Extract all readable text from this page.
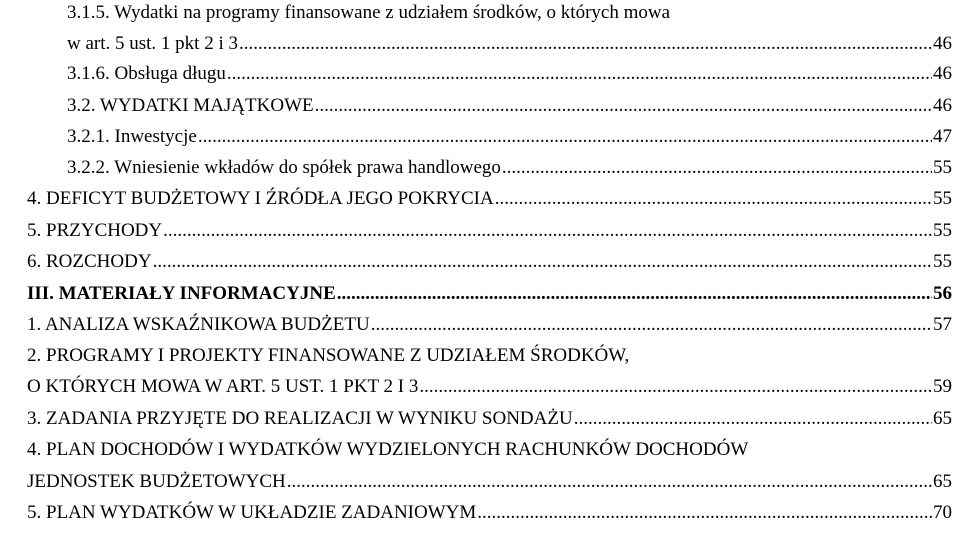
3.1.5. Wydatki na programy finansowane z udziałem środków, o których mowa
w art. 5 ust. 1 pkt 2 i 3 .....	46
3.1.6. Obsługa długu .....	46
3.2. WYDATKI MAJĄTKOWE .....	46
3.2.1. Inwestycje .....	47
3.2.2. Wniesienie wkładów do spółek prawa handlowego .....	55
4. DEFICYT BUDŻETOWY I ŹRÓDŁA JEGO POKRYCIA .....	55
5. PRZYCHODY .....	55
6. ROZCHODY .....	55
III. MATERIAŁY INFORMACYJNE .....	56
1. ANALIZA WSKAŹNIKOWA BUDŻETU .....	57
2. PROGRAMY I PROJEKTY FINANSOWANE Z UDZIAŁEM ŚRODKÓW,
O KTÓRYCH MOWA W ART. 5 UST. 1 PKT 2 I 3 .....	59
3. ZADANIA PRZYJĘTE DO REALIZACJI W WYNIKU SONDAŻU .....	65
4. PLAN DOCHODÓW I WYDATKÓW WYDZIELONYCH RACHUNKÓW DOCHODÓW
JEDNOSTEK BUDŻETOWYCH .....	65
5. PLAN WYDATKÓW W UKŁADZIE ZADANIOWYM .....	70
